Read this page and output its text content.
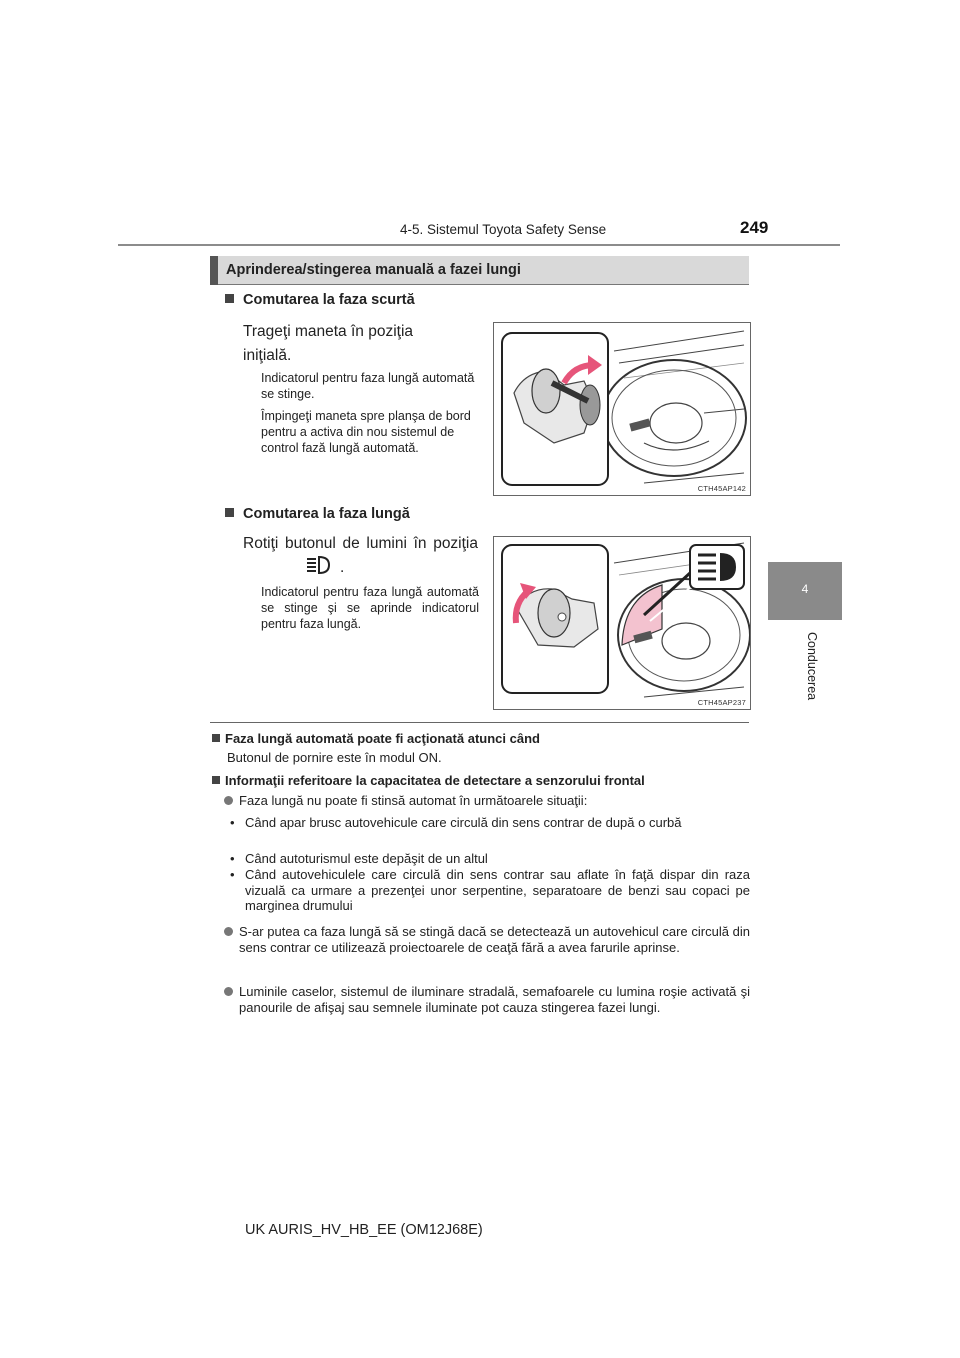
4-5. Sistemul Toyota Safety Sense	249
4
Conducerea
Aprinderea/stingerea manuală a fazei lungi
Comutarea la faza scurtă
Trageţi maneta în poziţia iniţială.
Indicatorul pentru faza lungă automată se stinge.
Împingeţi maneta spre planşa de bord pentru a activa din nou sistemul de control fază lungă automată.
CTH45AP142
Comutarea la faza lungă
Rotiţi butonul de lumini în poziţia
.
Indicatorul pentru faza lungă automată se stinge şi se aprinde indicatorul pentru faza lungă.
CTH45AP237
Faza lungă automată poate fi acţionată atunci când
Butonul de pornire este în modul ON.
Informaţii referitoare la capacitatea de detectare a senzorului frontal
Faza lungă nu poate fi stinsă automat în următoarele situaţii:
• Când apar brusc autovehicule care circulă din sens contrar de după o curbă
• Când autoturismul este depăşit de un altul
• Când autovehiculele care circulă din sens contrar sau aflate în faţă dispar din raza vizuală ca urmare a prezenţei unor serpentine, separatoare de benzi sau copaci pe marginea drumului
S-ar putea ca faza lungă să se stingă dacă se detectează un autovehicul care circulă din sens contrar ce utilizează proiectoarele de ceaţă fără a avea farurile aprinse.
Luminile caselor, sistemul de iluminare stradală, semafoarele cu lumina roşie activată şi panourile de afişaj sau semnele iluminate pot cauza stingerea fazei lungi.
UK AURIS_HV_HB_EE (OM12J68E)
